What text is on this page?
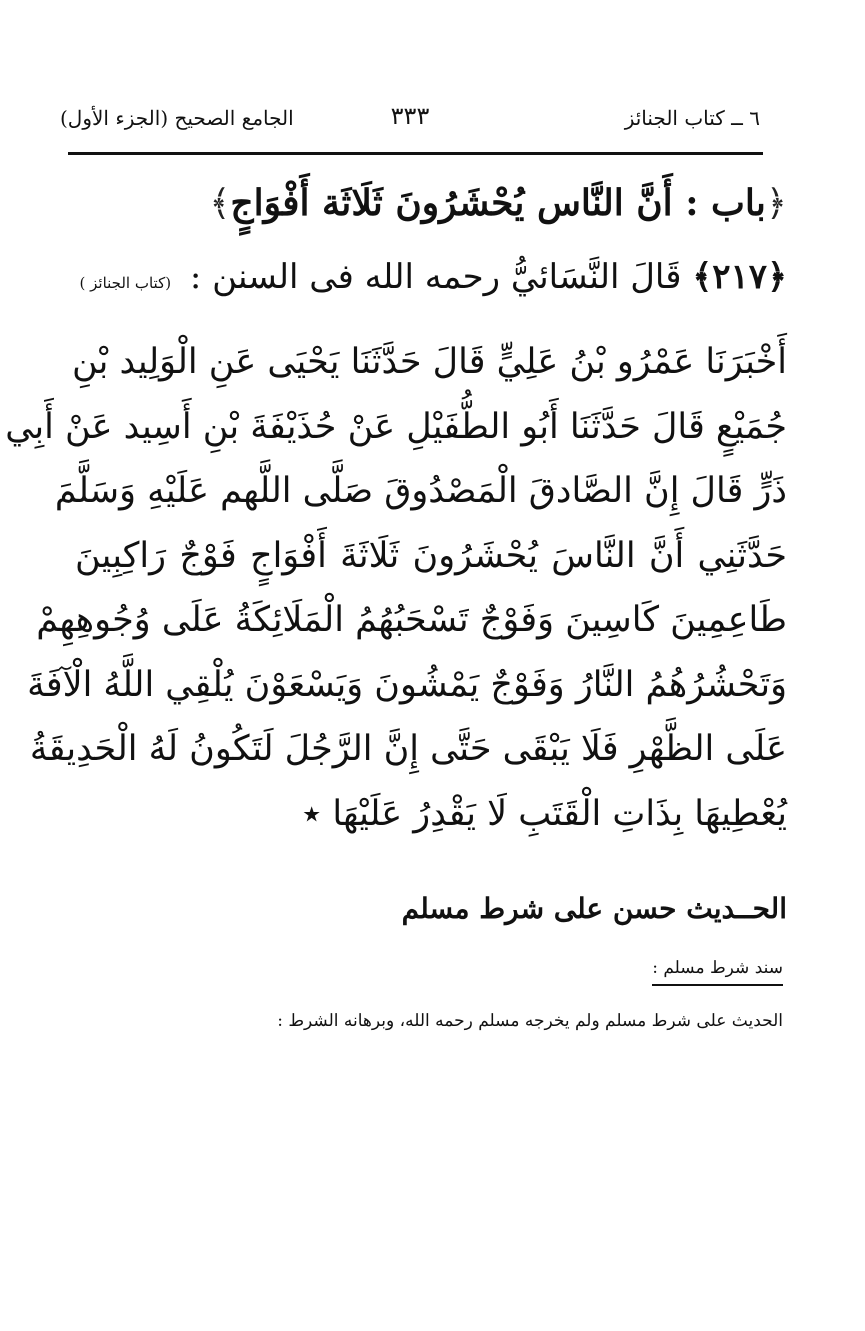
٦ ــ كتاب الجنائز
٣٣٣
الجامع الصحيح (الجزء الأول)
﴿باب : أَنَّ النَّاس يُحْشَرُونَ ثَلَاثَة أَفْوَاجٍ﴾
﴿٢١٧﴾ قَالَ النَّسَائيُّ رحمه الله فى السنن : (كتاب الجنائز )
أَخْبَرَنَا عَمْرُو بْنُ عَلِيٍّ قَالَ حَدَّثَنَا يَحْيَى عَنِ الْوَلِيد بْنِ
جُمَيْعٍ قَالَ حَدَّثَنَا أَبُو الطُّفَيْلِ عَنْ حُذَيْفَةَ بْنِ أَسِيد عَنْ أَبِي
ذَرٍّ قَالَ إِنَّ الصَّادقَ الْمَصْدُوقَ صَلَّى اللَّهم عَلَيْهِ وَسَلَّمَ
حَدَّثَنِي أَنَّ النَّاسَ يُحْشَرُونَ ثَلَاثَةَ أَفْوَاجٍ فَوْجٌ رَاكِبِينَ
طَاعِمِينَ كَاسِينَ وَفَوْجٌ تَسْحَبُهُمُ الْمَلَائِكَةُ عَلَى وُجُوهِهِمْ
وَتَحْشُرُهُمُ النَّارُ وَفَوْجٌ يَمْشُونَ وَيَسْعَوْنَ يُلْقِي اللَّهُ الْآفَةَ
عَلَى الظَّهْرِ فَلَا يَبْقَى حَتَّى إِنَّ الرَّجُلَ لَتَكُونُ لَهُ الْحَدِيقَةُ
يُعْطِيهَا بِذَاتِ الْقَتَبِ لَا يَقْدِرُ عَلَيْهَا ٭
الحــديث حسن على شرط مسلم
سند شرط مسلم :
الحديث على شرط مسلم ولم يخرجه مسلم رحمه الله، وبرهانه الشرط :
